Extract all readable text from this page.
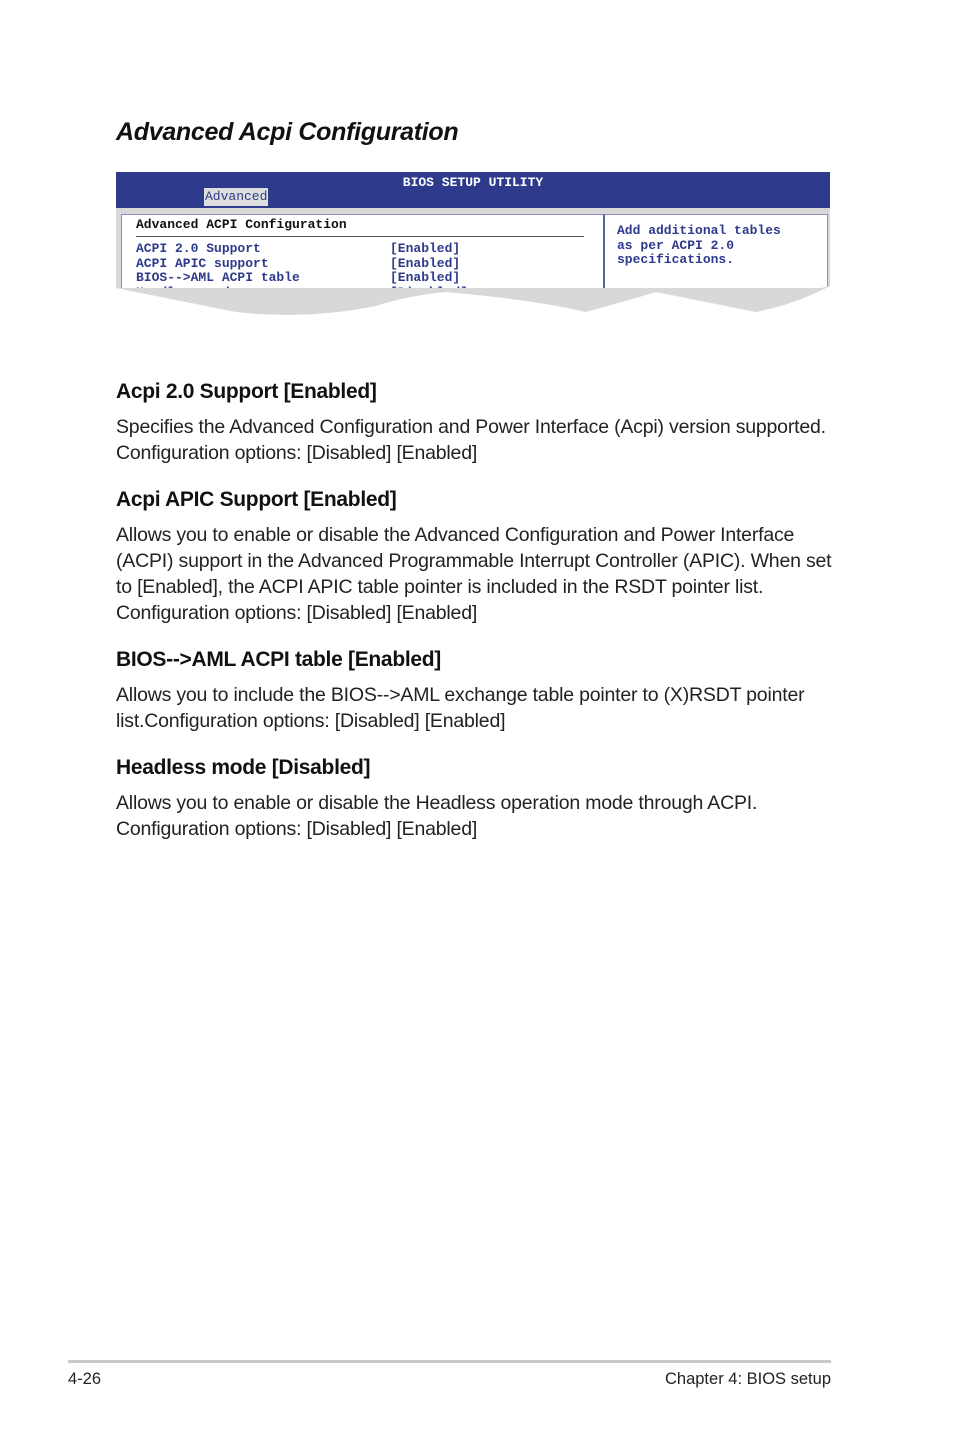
Advanced Acpi Configuration
BIOS SETUP UTILITY
Advanced
Advanced ACPI Configuration
ACPI 2.0 Support	[Enabled]
ACPI APIC support	[Enabled]
BIOS-->AML ACPI table	[Enabled]
Add additional tables
as per ACPI 2.0
specifications.
Acpi 2.0 Support [Enabled]

Specifies the Advanced Configuration and Power Interface (Acpi) version supported. Configuration options: [Disabled] [Enabled]

Acpi APIC Support [Enabled]

Allows you to enable or disable the Advanced Configuration and Power Interface (ACPI) support in the Advanced Programmable Interrupt Controller (APIC). When set to [Enabled], the ACPI APIC table pointer is included in the RSDT pointer list. Configuration options: [Disabled] [Enabled]

BIOS-->AML ACPI table [Enabled]

Allows you to include the BIOS-->AML exchange table pointer to (X)RSDT pointer list.Configuration options: [Disabled] [Enabled]

Headless mode [Disabled]

Allows you to enable or disable the Headless operation mode through ACPI. Configuration options: [Disabled] [Enabled]

4-26	Chapter 4: BIOS setup
